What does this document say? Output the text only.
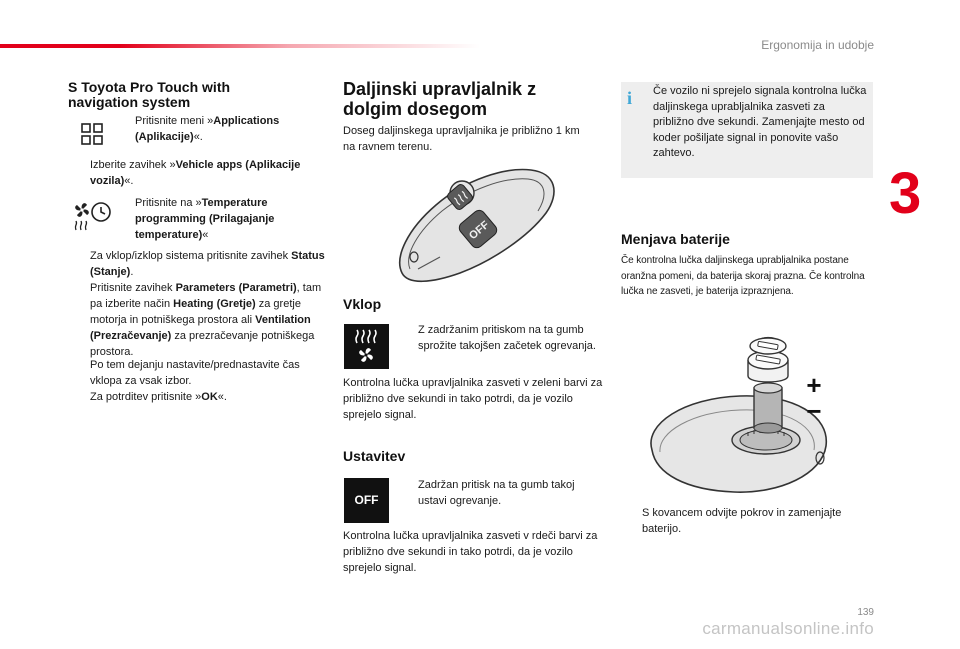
Ergonomija in udobje
3
S Toyota Pro Touch with navigation system
Pritisnite meni »Applications (Aplikacije)«.
Izberite zavihek »Vehicle apps (Aplikacije vozila)«.
Pritisnite na »Temperature programming (Prilagajanje temperature)«
Za vklop/izklop sistema pritisnite zavihek Status (Stanje).
Pritisnite zavihek Parameters (Parametri), tam pa izberite način Heating (Gretje) za gretje motorja in potniškega prostora ali Ventilation (Prezračevanje) za prezračevanje potniškega prostora.
Po tem dejanju nastavite/prednastavite čas vklopa za vsak izbor.
Za potrditev pritisnite »OK«.
Daljinski upravljalnik z dolgim dosegom
Doseg daljinskega upravljalnika je približno 1 km na ravnem terenu.
OFF
Vklop
Z zadržanim pritiskom na ta gumb sprožite takojšen začetek ogrevanja.
Kontrolna lučka upravljalnika zasveti v zeleni barvi za približno dve sekundi in tako potrdi, da je vozilo sprejelo signal.
Ustavitev
OFF
Zadržan pritisk na ta gumb takoj ustavi ogrevanje.
Kontrolna lučka upravljalnika zasveti v rdeči barvi za približno dve sekundi in tako potrdi, da je vozilo sprejelo signal.
i	Če vozilo ni sprejelo signala kontrolna lučka daljinskega uprabljalnika zasveti za približno dve sekundi. Zamenjajte mesto od koder pošiljate signal in ponovite vašo zahtevo.
Menjava baterije
Če kontrolna lučka daljinskega uprabljalnika postane oranžna pomeni, da baterija skoraj prazna. Če kontrolna lučka ne zasveti, je baterija izpraznjena.
+
−
S kovancem odvijte pokrov in zamenjajte baterijo.
139
carmanualsonline.info
